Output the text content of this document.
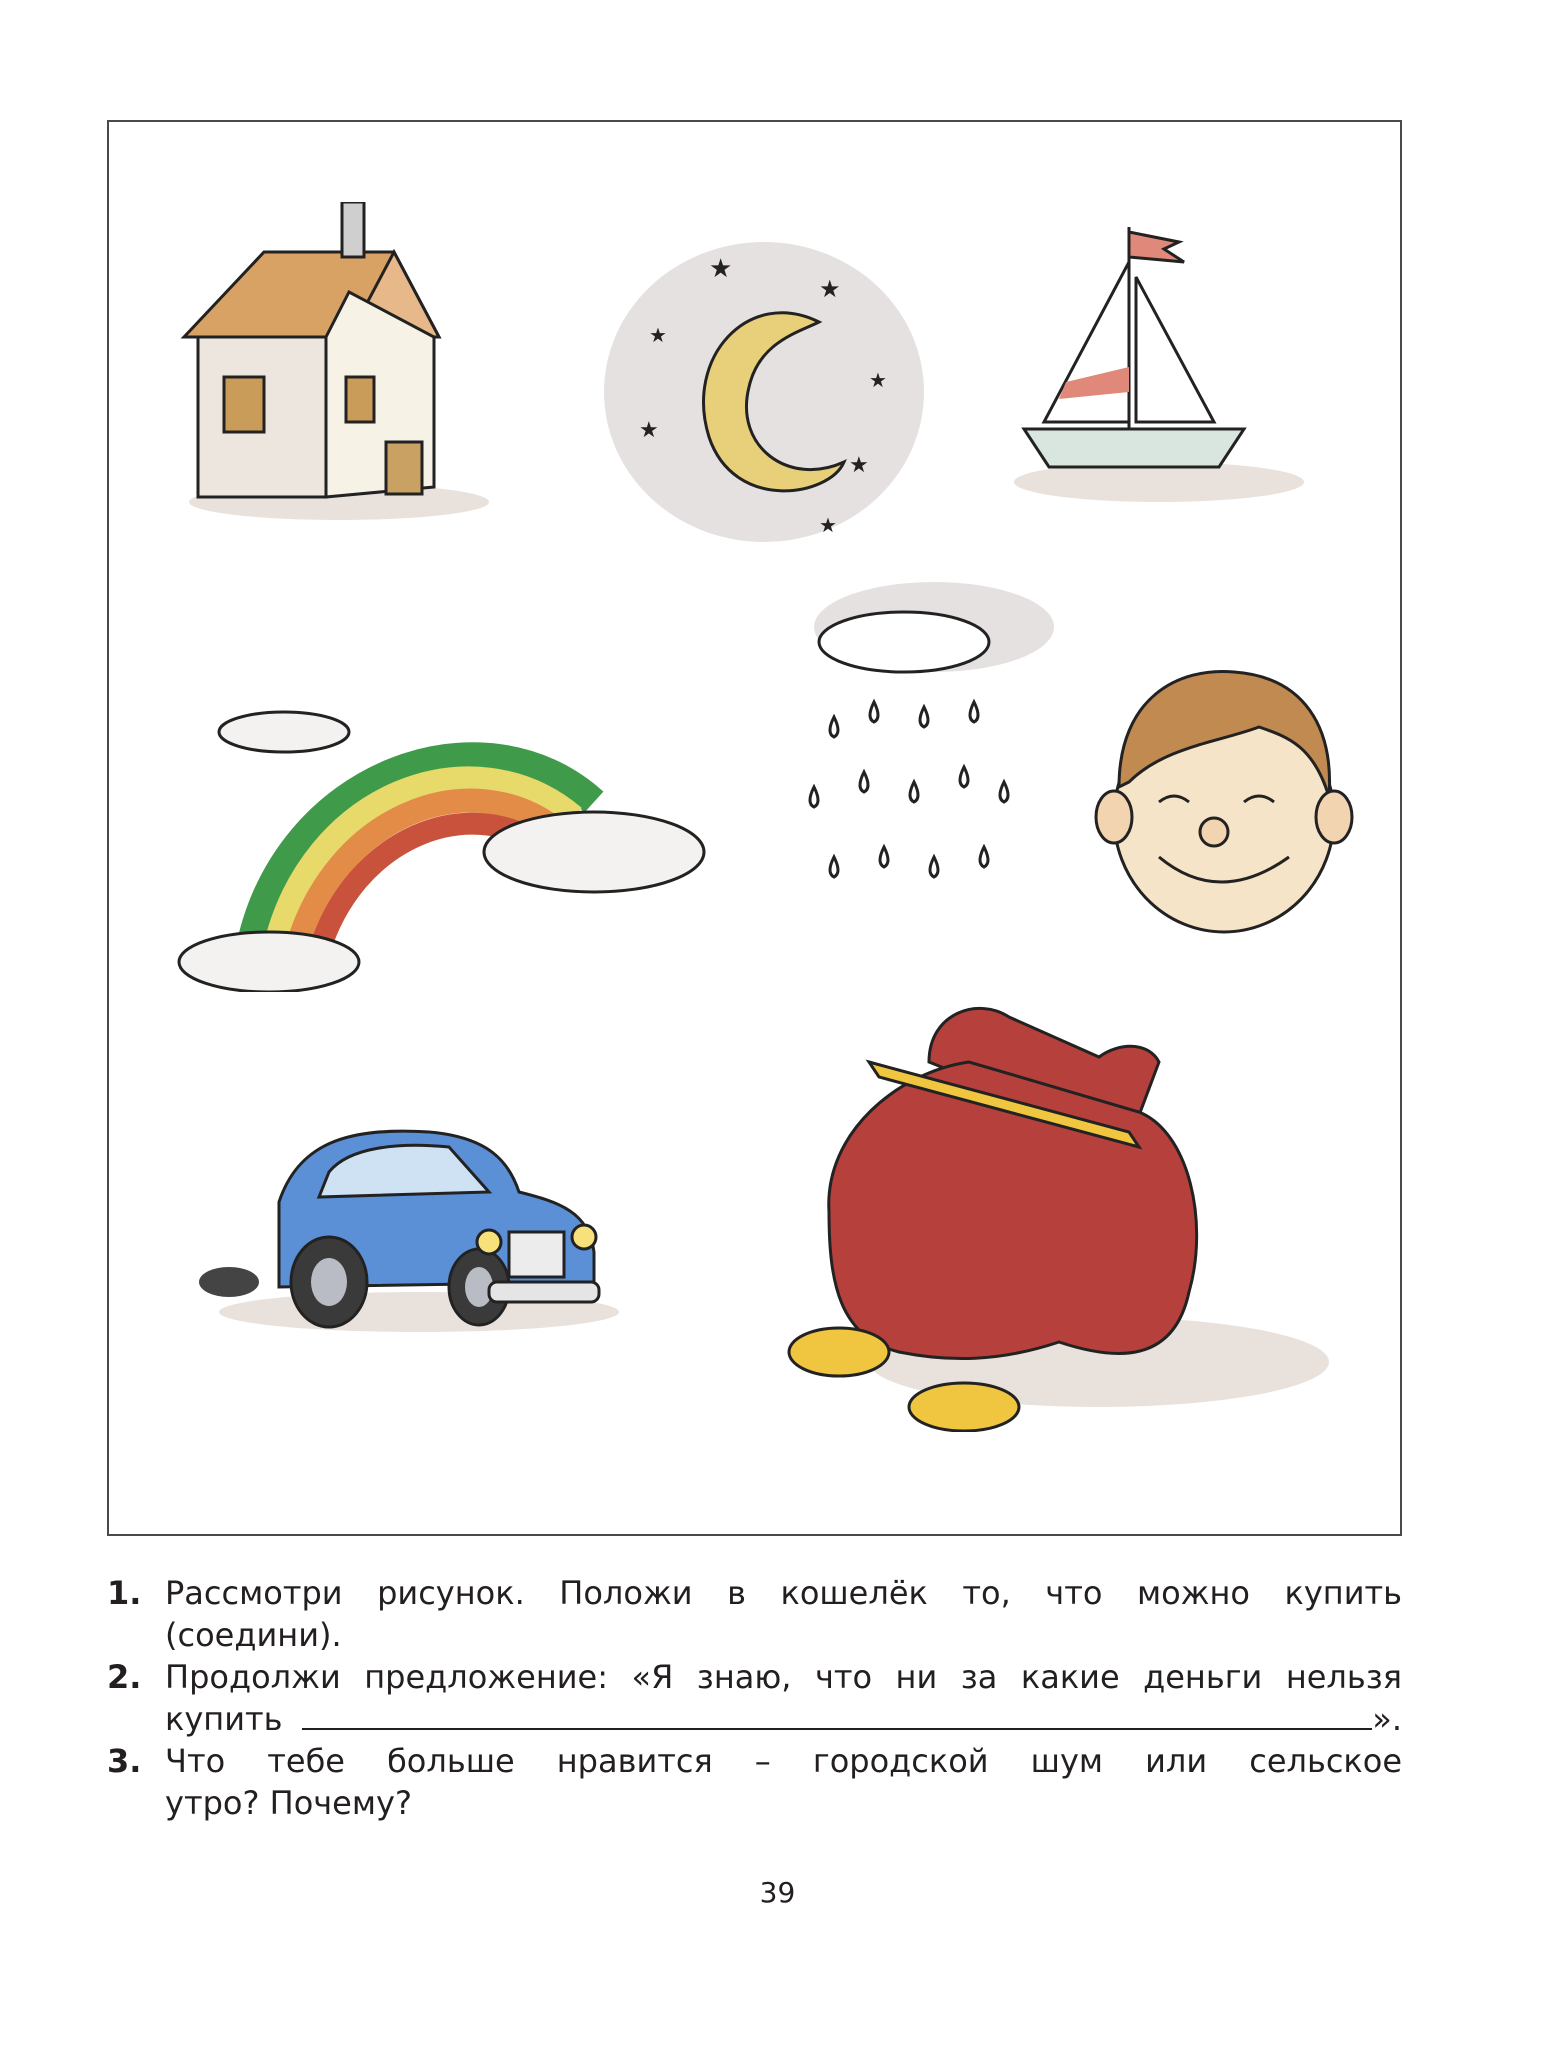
★
★
★
★
★
★
★
1. Рассмотри рисунок. Положи в кошелёк то, что можно купить
(соедини).
2. Продолжи предложение: «Я знаю, что ни за какие деньги нельзя
купить	».
3. Что тебе больше нравится – городской шум или сельское
утро? Почему?
39
